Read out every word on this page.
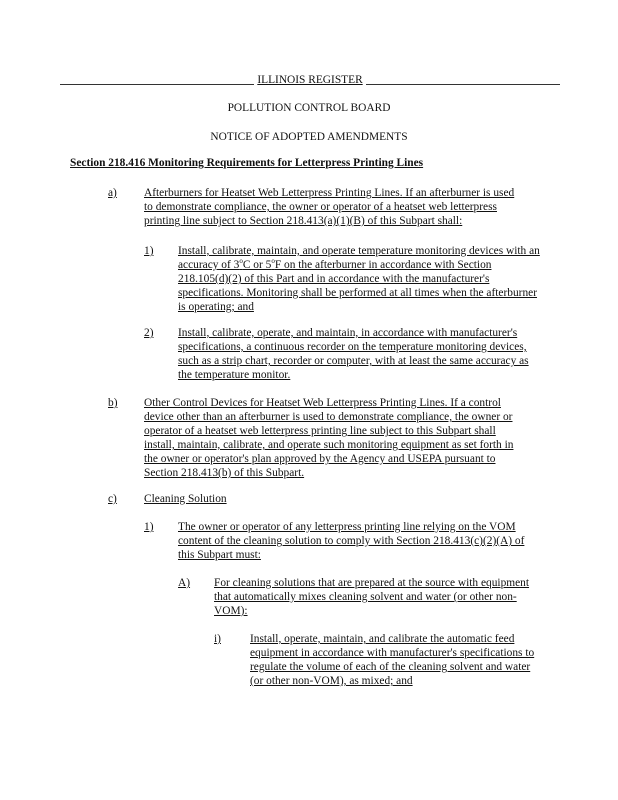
ILLINOIS REGISTER
POLLUTION CONTROL BOARD
NOTICE OF ADOPTED AMENDMENTS
Section 218.416 Monitoring Requirements for Letterpress Printing Lines
a) Afterburners for Heatset Web Letterpress Printing Lines. If an afterburner is used to demonstrate compliance, the owner or operator of a heatset web letterpress printing line subject to Section 218.413(a)(1)(B) of this Subpart shall:
1) Install, calibrate, maintain, and operate temperature monitoring devices with an accuracy of 3$^o$C or 5$^o$F on the afterburner in accordance with Section 218.105(d)(2) of this Part and in accordance with the manufacturer's specifications. Monitoring shall be performed at all times when the afterburner is operating; and
2) Install, calibrate, operate, and maintain, in accordance with manufacturer's specifications, a continuous recorder on the temperature monitoring devices, such as a strip chart, recorder or computer, with at least the same accuracy as the temperature monitor.
b) Other Control Devices for Heatset Web Letterpress Printing Lines. If a control device other than an afterburner is used to demonstrate compliance, the owner or operator of a heatset web letterpress printing line subject to this Subpart shall install, maintain, calibrate, and operate such monitoring equipment as set forth in the owner or operator's plan approved by the Agency and USEPA pursuant to Section 218.413(b) of this Subpart.
c) Cleaning Solution
1) The owner or operator of any letterpress printing line relying on the VOM content of the cleaning solution to comply with Section 218.413(c)(2)(A) of this Subpart must:
A) For cleaning solutions that are prepared at the source with equipment that automatically mixes cleaning solvent and water (or other non-VOM):
i)	Install, operate, maintain, and calibrate the automatic feed equipment in accordance with manufacturer's specifications to regulate the volume of each of the cleaning solvent and water (or other non-VOM), as mixed; and
